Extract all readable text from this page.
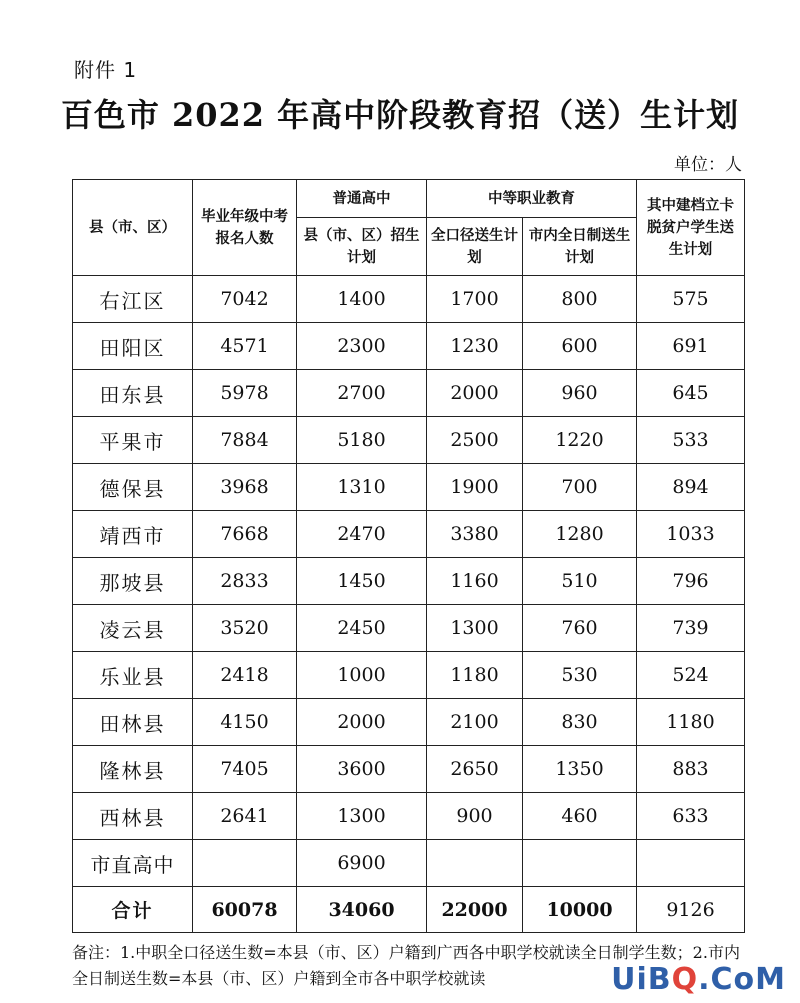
附件 1
百色市 2022 年高中阶段教育招（送）生计划
单位：人
县（市、区）	毕业年级中考报名人数	普通高中	中等职业教育		其中建档立卡脱贫户学生送生计划
		县（市、区）招生计划	全口径送生计划	市内全日制送生计划	
右江区	7042	1400	1700	800	575
田阳区	4571	2300	1230	600	691
田东县	5978	2700	2000	960	645
平果市	7884	5180	2500	1220	533
德保县	3968	1310	1900	700	894
靖西市	7668	2470	3380	1280	1033
那坡县	2833	1450	1160	510	796
凌云县	3520	2450	1300	760	739
乐业县	2418	1000	1180	530	524
田林县	4150	2000	2100	830	1180
隆林县	7405	3600	2650	1350	883
西林县	2641	1300	900	460	633
市直高中		6900			
合计	60078	34060	22000	10000	9126
备注：1.中职全口径送生数=本县（市、区）户籍到广西各中职学校就读全日制学生数；2.市内全日制送生数=本县（市、区）户籍到全市各中职学校就读	UiBQ.CoM
